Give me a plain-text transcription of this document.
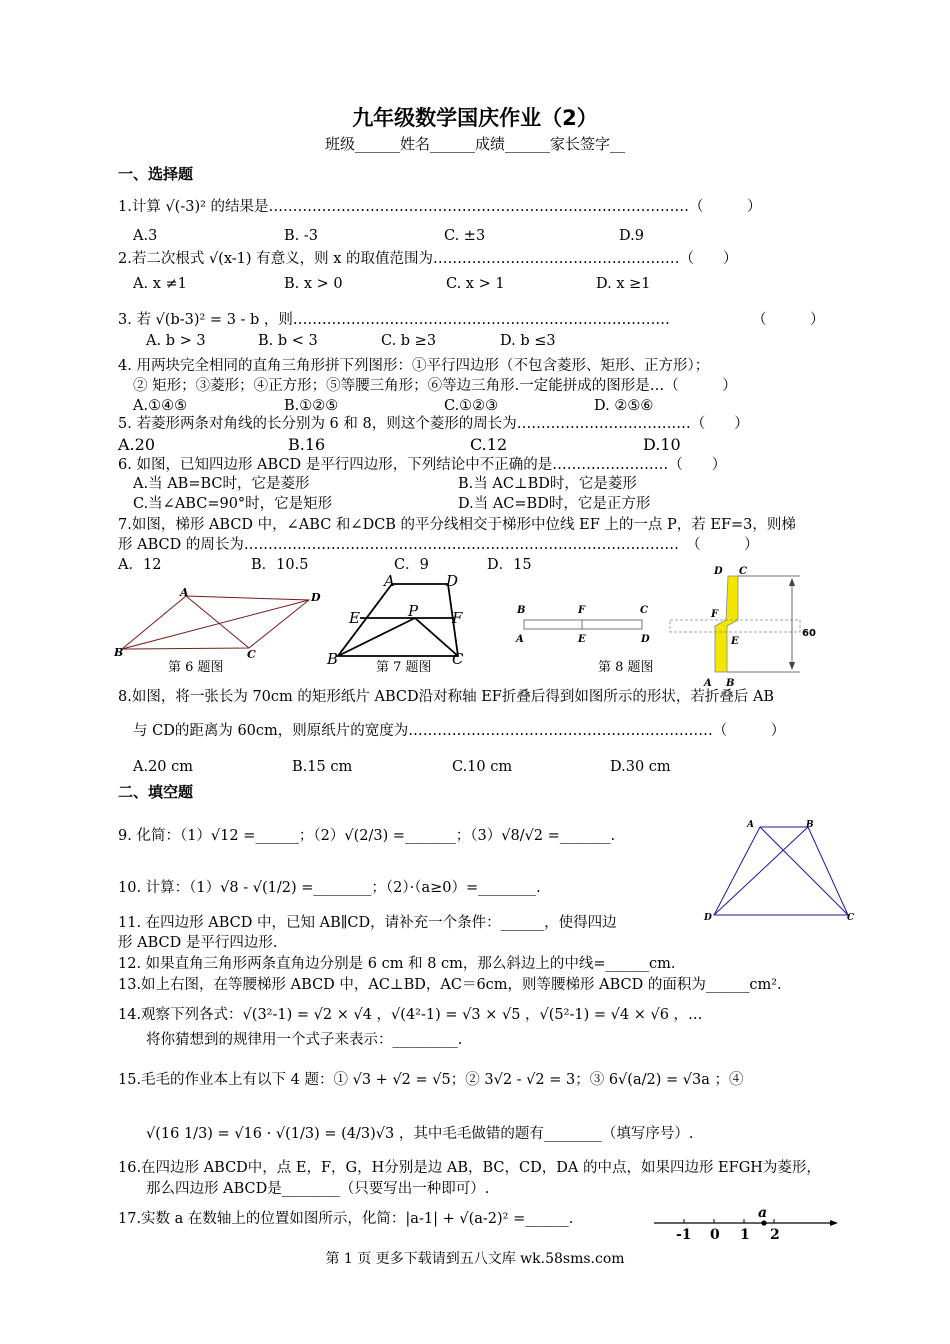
九年级数学国庆作业（2）
班级______姓名______成绩______家长签字__
一、选择题
1.计算 √(-3)² 的结果是……………………………………………………………………………（　　　）
A.3	B. -3	C. ±3	D.9
2.若二次根式 √(x-1) 有意义，则 x 的取值范围为……………………………………………（　　）
A. x ≠1	B. x > 0	C. x > 1	D. x ≥1
3. 若 √(b-3)² = 3 - b ，则……………………………………………………………………	（　　　）
A. b > 3	B. b < 3	C. b ≥3	D. b ≤3
4. 用两块完全相同的直角三角形拼下列图形：①平行四边形（不包含菱形、矩形、正方形）；
② 矩形；③菱形；④正方形；⑤等腰三角形；⑥等边三角形.一定能拼成的图形是…（　　　）
A.①④⑤	B.①②⑤	C.①②③	D. ②⑤⑥
5. 若菱形两条对角线的长分别为 6 和 8，则这个菱形的周长为………………………………（　　）
A.20	B.16	C.12	D.10
6. 如图，已知四边形 ABCD 是平行四边形，下列结论中不正确的是……………………（　　）
A.当 AB=BC时，它是菱形	B.当 AC⊥BD时，它是菱形
C.当∠ABC=90°时，它是矩形	D.当 AC=BD时，它是正方形
7.如图，梯形 ABCD 中，∠ABC 和∠DCB 的平分线相交于梯形中位线 EF 上的一点 P，若 EF=3，则梯
形 ABCD 的周长为………………………………………………………………………………　（　　　）
A．12	B．10.5	C．9	D．15
A
B	C
D
第 6 题图
A	D
E	P F
B	C
第 7 题图
B	F	C
A	E	D
第 8 题图
D C
F
E
A B
60
8.如图，将一张长为 70cm 的矩形纸片 ABCD沿对称轴 EF折叠后得到如图所示的形状，若折叠后 AB
与 CD的距离为 60cm，则原纸片的宽度为………………………………………………………（　　　）
A.20 cm	B.15 cm	C.10 cm	D.30 cm
二、填空题
9. 化简：（1）√12 =______；（2）√(2/3) =_______；（3）√8/√2 =_______.
10. 计算：（1）√8 - √(1/2) =________；（2）·（a≥0）=________.
A	B
D	C
11. 在四边形 ABCD 中，已知 AB∥CD，请补充一个条件：______，使得四边
形 ABCD 是平行四边形.
12. 如果直角三角形两条直角边分别是 6 cm 和 8 cm，那么斜边上的中线=______cm.
13.如上右图，在等腰梯形 ABCD 中，AC⊥BD，AC＝6cm，则等腰梯形 ABCD 的面积为______cm².
14.观察下列各式：√(3²-1) = √2 × √4 ，√(4²-1) = √3 × √5 ，√(5²-1) = √4 × √6 ，…
将你猜想到的规律用一个式子来表示：_________.
15.毛毛的作业本上有以下 4 题：① √3 + √2 = √5；② 3√2 - √2 = 3；③ 6√(a/2) = √3a ；④
√(16 1/3) = √16 · √(1/3) = (4/3)√3 ，其中毛毛做错的题有________（填写序号）.
16.在四边形 ABCD中，点 E，F，G，H分别是边 AB，BC，CD，DA 的中点，如果四边形 EFGH为菱形，
那么四边形 ABCD是________（只要写出一种即可）.
17.实数 a 在数轴上的位置如图所示，化简：|a-1| + √(a-2)² =______.	a
-1 0 1 2
第 1 页 更多下载请到五八文库 wk.58sms.com
